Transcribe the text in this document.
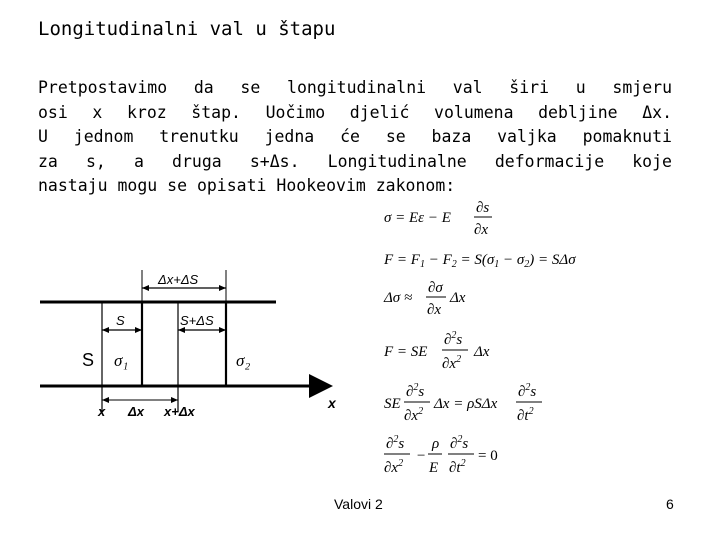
Longitudinalni val u štapu
Pretpostavimo da se longitudinalni val širi u smjeru
osi x kroz štap. Uočimo djelić volumena debljine Δx.
U jednom trenutku jedna će se baza valjka pomaknuti
za s, a druga s+Δs. Longitudinalne deformacije koje
nastaju mogu se opisati Hookeovim zakonom:
Δx+ΔS
S	S+ΔS
S σ₁	σ₂
x
x Δx x+Δx
σ = Eε − E
∂s
∂x
$F = F_1 - F_2 = S(\sigma_1 - \sigma_2) = S\Delta\sigma$
Δσ ≈
∂σ
∂x
Δx
F = SE
∂$^2$s
$\partial x^2$ Δx
SE
∂$^2$s
$\partial x^2$ Δx = ρSΔx
∂$^2$s
$\partial t^2$
∂$^2$s
$\partial x^2$ −
ρ
E
∂$^2$s
$\partial t^2 = 0$
Valovi 2	6
